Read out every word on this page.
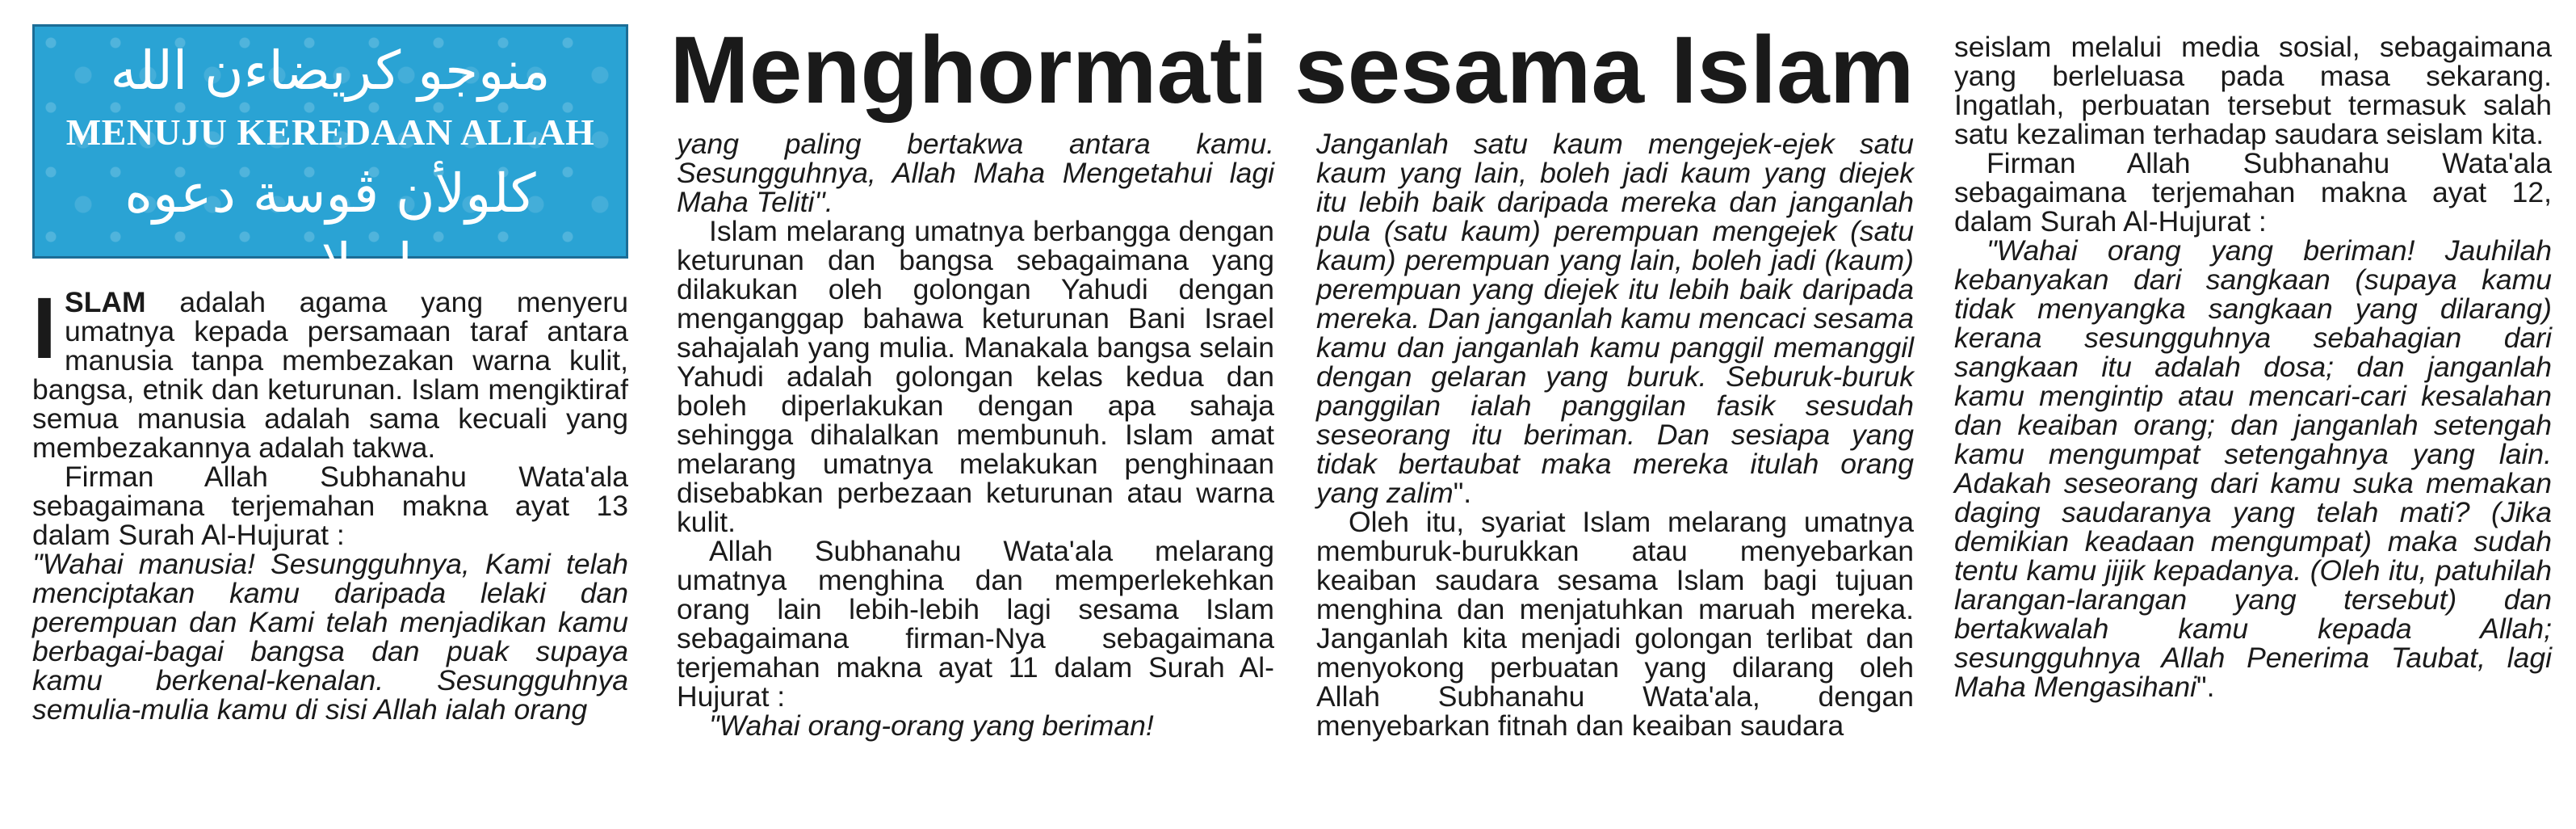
منوجو كريضاءن الله
MENUJU KEREDAAN ALLAH
كلولأن ڤوسة دعوه اسلاميه
Menghormati sesama Islam

ISLAM adalah agama yang menyeru umatnya kepada persamaan taraf antara manusia tanpa membezakan warna kulit, bangsa, etnik dan keturunan. Islam mengiktiraf semua manusia adalah sama kecuali yang membezakannya adalah takwa.

Firman Allah Subhanahu Wata'ala sebagaimana terjemahan makna ayat 13 dalam Surah Al-Hujurat :

"Wahai manusia! Sesungguhnya, Kami telah menciptakan kamu daripada lelaki dan perempuan dan Kami telah menjadikan kamu berbagai-bagai bangsa dan puak supaya kamu berkenal-kenalan. Sesungguhnya semulia-mulia kamu di sisi Allah ialah orang

yang paling bertakwa antara kamu. Sesungguhnya, Allah Maha Mengetahui lagi Maha Teliti''.

Islam melarang umatnya berbangga dengan keturunan dan bangsa sebagaimana yang dilakukan oleh golongan Yahudi dengan menganggap bahawa keturunan Bani Israel sahajalah yang mulia. Manakala bangsa selain Yahudi adalah golongan kelas kedua dan boleh diperlakukan dengan apa sahaja sehingga dihalalkan membunuh. Islam amat melarang umatnya melakukan penghinaan disebabkan perbezaan keturunan atau warna kulit.

Allah Subhanahu Wata'ala melarang umatnya menghina dan memperlekehkan orang lain lebih-lebih lagi sesama Islam sebagaimana firman-Nya sebagaimana terjemahan makna ayat 11 dalam Surah Al-Hujurat :

"Wahai orang-orang yang beriman!

Janganlah satu kaum mengejek-ejek satu kaum yang lain, boleh jadi kaum yang diejek itu lebih baik daripada mereka dan janganlah pula (satu kaum) perempuan mengejek (satu kaum) perempuan yang lain, boleh jadi (kaum) perempuan yang diejek itu lebih baik daripada mereka. Dan janganlah kamu mencaci sesama kamu dan janganlah kamu panggil memanggil dengan gelaran yang buruk. Seburuk-buruk panggilan ialah panggilan fasik sesudah seseorang itu beriman. Dan sesiapa yang tidak bertaubat maka mereka itulah orang yang zalim".

Oleh itu, syariat Islam melarang umatnya memburuk-burukkan atau menyebarkan keaiban saudara sesama Islam bagi tujuan menghina dan menjatuhkan maruah mereka. Janganlah kita menjadi golongan terlibat dan menyokong perbuatan yang dilarang oleh Allah Subhanahu Wata'ala, dengan menyebarkan fitnah dan keaiban saudara

seislam melalui media sosial, sebagaimana yang berleluasa pada masa sekarang. Ingatlah, perbuatan tersebut termasuk salah satu kezaliman terhadap saudara seislam kita.

Firman Allah Subhanahu Wata'ala sebagaimana terjemahan makna ayat 12, dalam Surah Al-Hujurat :

"Wahai orang yang beriman! Jauhilah kebanyakan dari sangkaan (supaya kamu tidak menyangka sangkaan yang dilarang) kerana sesungguhnya sebahagian dari sangkaan itu adalah dosa; dan janganlah kamu mengintip atau mencari-cari kesalahan dan keaiban orang; dan janganlah setengah kamu mengumpat setengahnya yang lain. Adakah seseorang dari kamu suka memakan daging saudaranya yang telah mati? (Jika demikian keadaan mengumpat) maka sudah tentu kamu jijik kepadanya. (Oleh itu, patuhilah larangan-larangan yang tersebut) dan bertakwalah kamu kepada Allah; sesungguhnya Allah Penerima Taubat, lagi Maha Mengasihani".
